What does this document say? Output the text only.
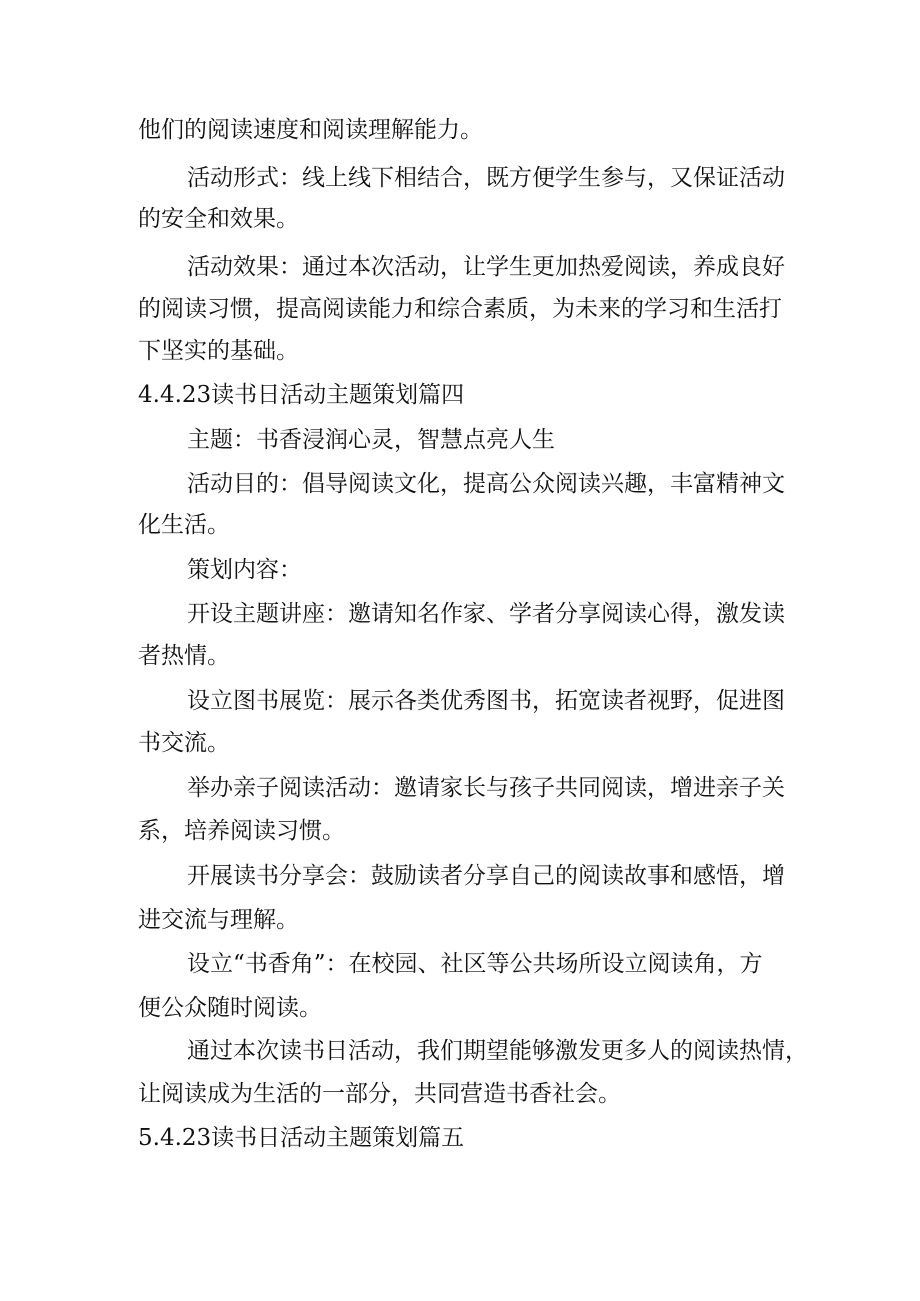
他们的阅读速度和阅读理解能力。
活动形式：线上线下相结合，既方便学生参与，又保证活动
的安全和效果。
活动效果：通过本次活动，让学生更加热爱阅读，养成良好
的阅读习惯，提高阅读能力和综合素质，为未来的学习和生活打
下坚实的基础。
4.4.23读书日活动主题策划篇四
主题：书香浸润心灵，智慧点亮人生
活动目的：倡导阅读文化，提高公众阅读兴趣，丰富精神文
化生活。
策划内容：
开设主题讲座：邀请知名作家、学者分享阅读心得，激发读
者热情。
设立图书展览：展示各类优秀图书，拓宽读者视野，促进图
书交流。
举办亲子阅读活动：邀请家长与孩子共同阅读，增进亲子关
系，培养阅读习惯。
开展读书分享会：鼓励读者分享自己的阅读故事和感悟，增
进交流与理解。
设立“书香角”：在校园、社区等公共场所设立阅读角，方
便公众随时阅读。
通过本次读书日活动，我们期望能够激发更多人的阅读热情，
让阅读成为生活的一部分，共同营造书香社会。
5.4.23读书日活动主题策划篇五
